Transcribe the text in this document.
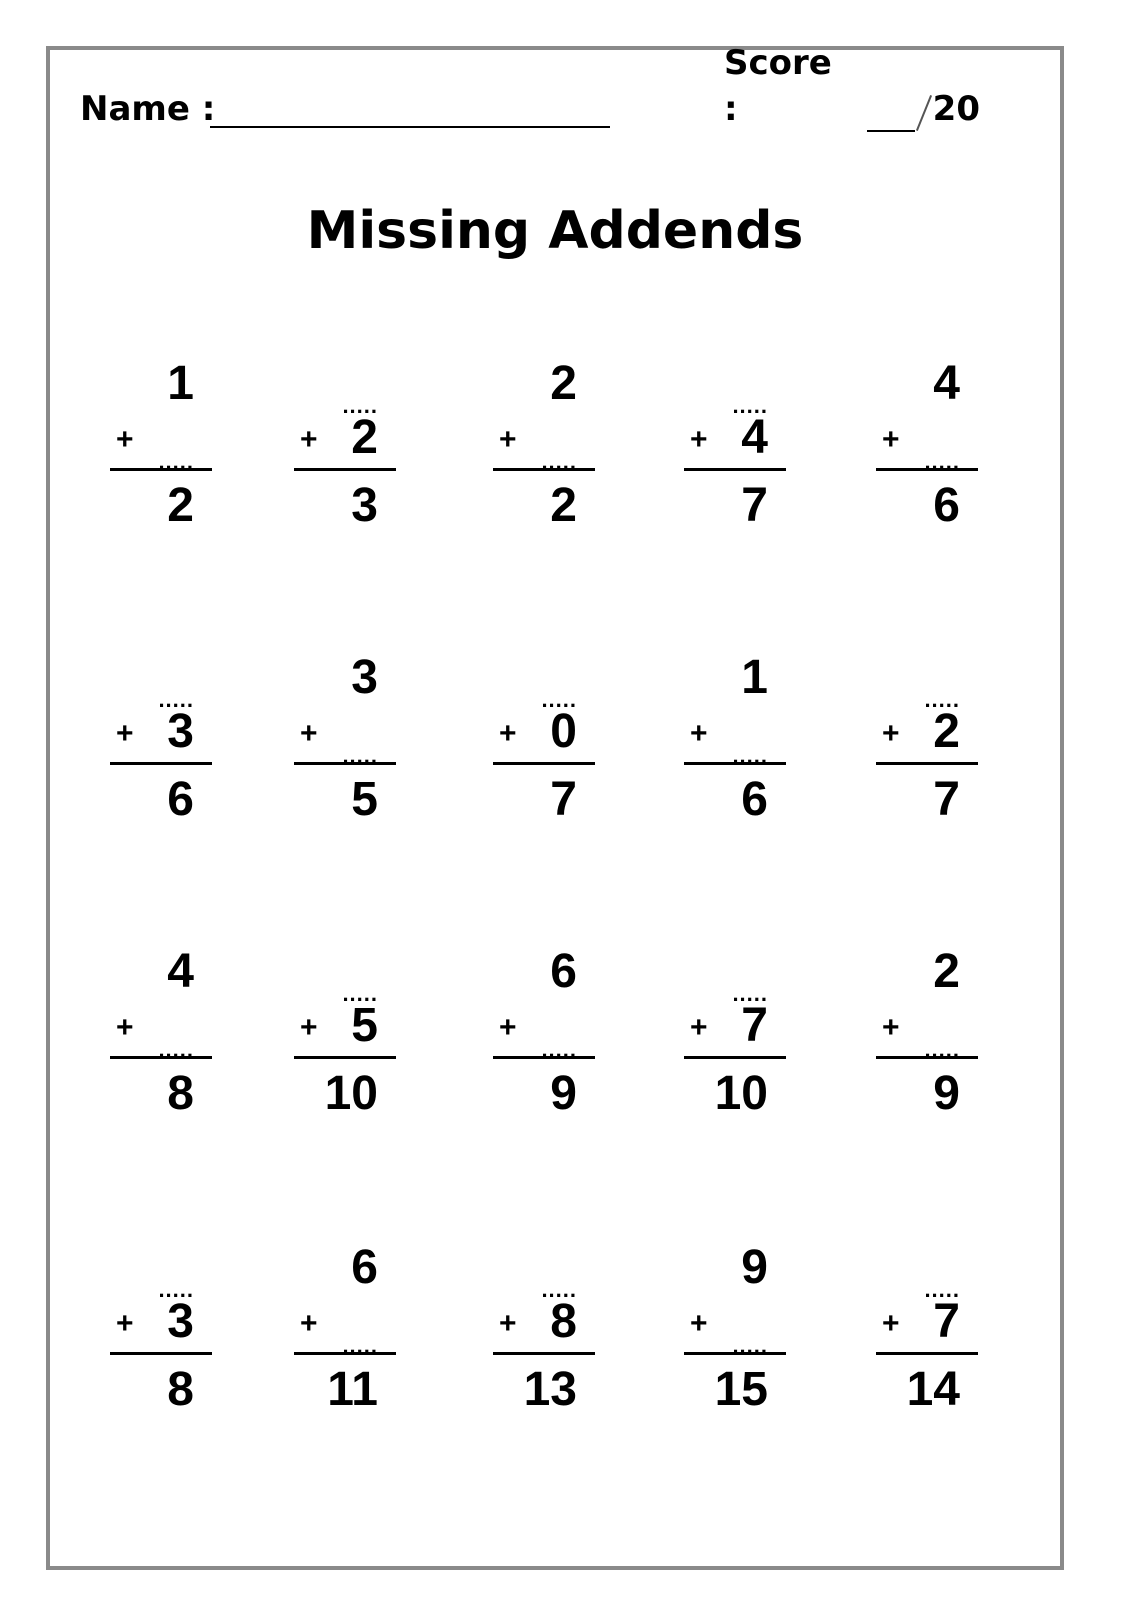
Name :
Score :	20
Missing Addends
1
+
.....
2
.....
+ 2
3
2
+
.....
2
.....
+ 4
7
4
+
.....
6
.....
+ 3
6
3
+
.....
5
.....
+ 0
7
1
+
.....
6
.....
+ 2
7
4
+
.....
8
.....
+ 5
10
6
+
.....
9
.....
+ 7
10
2
+
.....
9
.....
+ 3
8
6
+
.....
11
.....
+ 8
13
9
+
.....
15
.....
+ 7
14
